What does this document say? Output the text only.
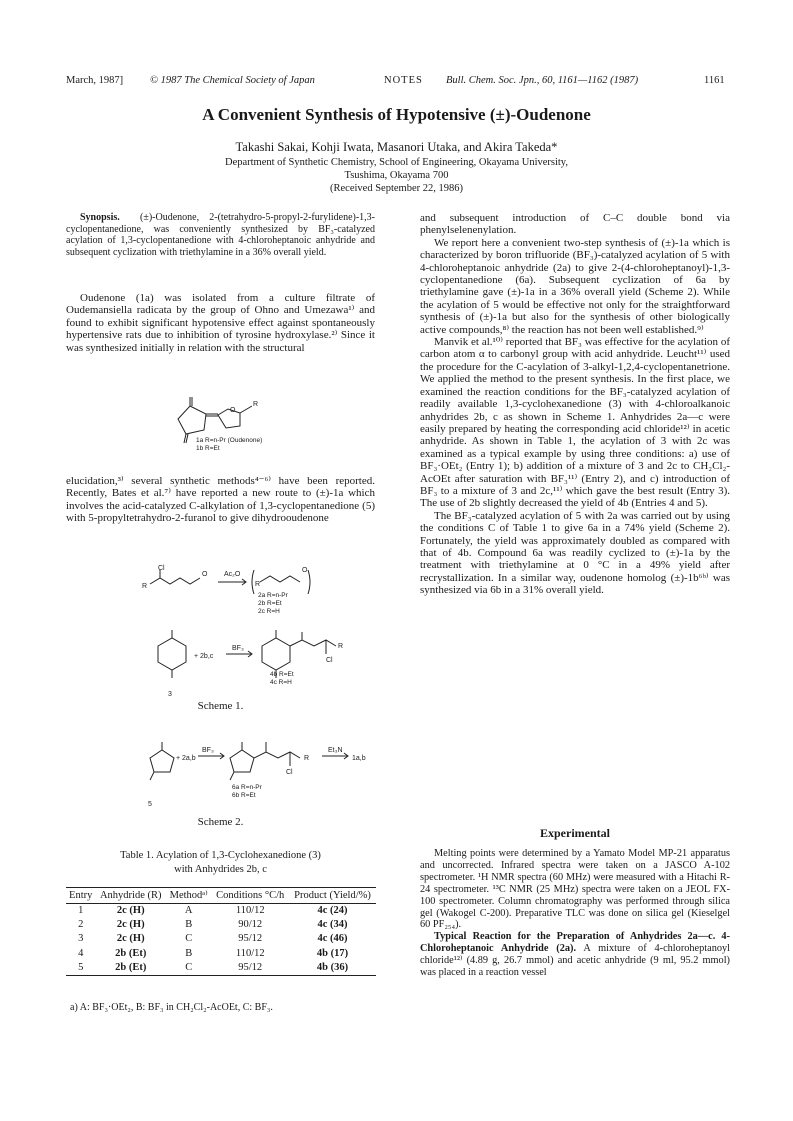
March, 1987]	© 1987 The Chemical Society of Japan	NOTES Bull. Chem. Soc. Jpn., 60, 1161—1162 (1987)	1161
A Convenient Synthesis of Hypotensive (±)-Oudenone
Takashi Sakai, Kohji Iwata, Masanori Utaka, and Akira Takeda*
Department of Synthetic Chemistry, School of Engineering, Okayama University,
Tsushima, Okayama 700
(Received September 22, 1986)

Synopsis. (±)-Oudenone, 2-(tetrahydro-5-propyl-2-furylidene)-1,3-cyclopentanedione, was conveniently synthesized by BF₃-catalyzed acylation of 1,3-cyclopentanedione with 4-chloroheptanoic anhydride and subsequent cyclization with triethylamine in a 36% overall yield.

Oudenone (1a) was isolated from a culture filtrate of Oudemansiella radicata by the group of Ohno and Umezawa¹⁾ and found to exhibit significant hypotensive effect against spontaneously hypertensive rats due to inhibition of tyrosine hydroxylase.²⁾ Since it was synthesized initially in relation with the structural

O
R
1a R=n-Pr (Oudenone)
1b R=Et

elucidation,³⁾ several synthetic methods⁴⁻⁶⁾ have been reported. Recently, Bates et al.⁷⁾ have reported a new route to (±)-1a which involves the acid-catalyzed C-alkylation of 1,3-cyclopentanedione (5) with 5-propyltetrahydro-2-furanol to give dihydrooudenone

Cl
R
O
R
O
3
+ 2b,c
BF₃
Ac₂O
Cl
R
2a R=n-Pr
2b R=Et
2c R=H
4b R=Et
4c R=H
Scheme 1.
5
+ 2a,b
BF₃	Et₃N
1a,b
Cl
R
6a R=n-Pr
6b R=Et
Scheme 2.
Table 1. Acylation of 1,3-Cyclohexanedione (3)
with Anhydrides 2b, c
Entry	Anhydride (R)	Methodᵃ⁾	Conditions °C/h	Product (Yield/%)
1	2c (H)	A	110/12	4c (24)
2	2c (H)	B	90/12	4c (34)
3	2c (H)	C	95/12	4c (46)
4	2b (Et)	B	110/12	4b (17)
5	2b (Et)	C	95/12	4b (36)
a) A: BF₃·OEt₂, B: BF₃ in CH₂Cl₂-AcOEt, C: BF₃.

and subsequent introduction of C–C double bond via phenylselenenylation.

We report here a convenient two-step synthesis of (±)-1a which is characterized by boron trifluoride (BF₃)-catalyzed acylation of 5 with 4-chloroheptanoic anhydride (2a) to give 2-(4-chloroheptanoyl)-1,3-cyclopentanedione (6a). Subsequent cyclization of 6a by triethylamine gave (±)-1a in a 36% overall yield (Scheme 2). While the acylation of 5 would be effective not only for the straightforward synthesis of (±)-1a but also for the synthesis of other biologically active compounds,⁸⁾ the reaction has not been well established.⁹⁾

Manvik et al.¹⁰⁾ reported that BF₃ was effective for the acylation of carbon atom α to carbonyl group with acid anhydride. Leucht¹¹⁾ used the procedure for the C-acylation of 3-alkyl-1,2,4-cyclopentanetrione. We applied the method to the present synthesis. In the first place, we examined the reaction conditions for the BF₃-catalyzed acylation of readily available 1,3-cyclohexanedione (3) with 4-chloroalkanoic anhydrides 2b, c as shown in Scheme 1. Anhydrides 2a—c were easily prepared by heating the corresponding acid chloride¹²⁾ in acetic anhydride. As shown in Table 1, the acylation of 3 with 2c was examined as a typical example by using three conditions: a) use of BF₃·OEt₂ (Entry 1); b) addition of a mixture of 3 and 2c to CH₂Cl₂-AcOEt after saturation with BF₃¹¹⁾ (Entry 2), and c) introduction of BF₃ to a mixture of 3 and 2c,¹¹⁾ which gave the best result (Entry 3). The use of 2b slightly decreased the yield of 4b (Entries 4 and 5).

The BF₃-catalyzed acylation of 5 with 2a was carried out by using the conditions C of Table 1 to give 6a in a 74% yield (Scheme 2). Fortunately, the yield was approximately doubled as compared with that of 4b. Compound 6a was readily cyclized to (±)-1a by the treatment with triethylamine at 0 °C in a 49% yield after recrystallization. In a similar way, oudenone homolog (±)-1b⁶ᵇ⁾ was synthesized via 6b in a 31% overall yield.

Experimental

Melting points were determined by a Yamato Model MP-21 apparatus and uncorrected. Infrared spectra were taken on a JASCO A-102 spectrometer. ¹H NMR spectra (60 MHz) were measured with a Hitachi R-24 spectrometer. ¹³C NMR (25 MHz) spectra were taken on a JEOL FX-100 spectrometer. Column chromatography was performed through silica gel (Wakogel C-200). Preparative TLC was done on silica gel (Kieselgel 60 PF₂₅₄).

Typical Reaction for the Preparation of Anhydrides 2a—c. 4-Chloroheptanoic Anhydride (2a). A mixture of 4-chloroheptanoyl chloride¹²⁾ (4.89 g, 26.7 mmol) and acetic anhydride (9 ml, 95.2 mmol) was placed in a reaction vessel
